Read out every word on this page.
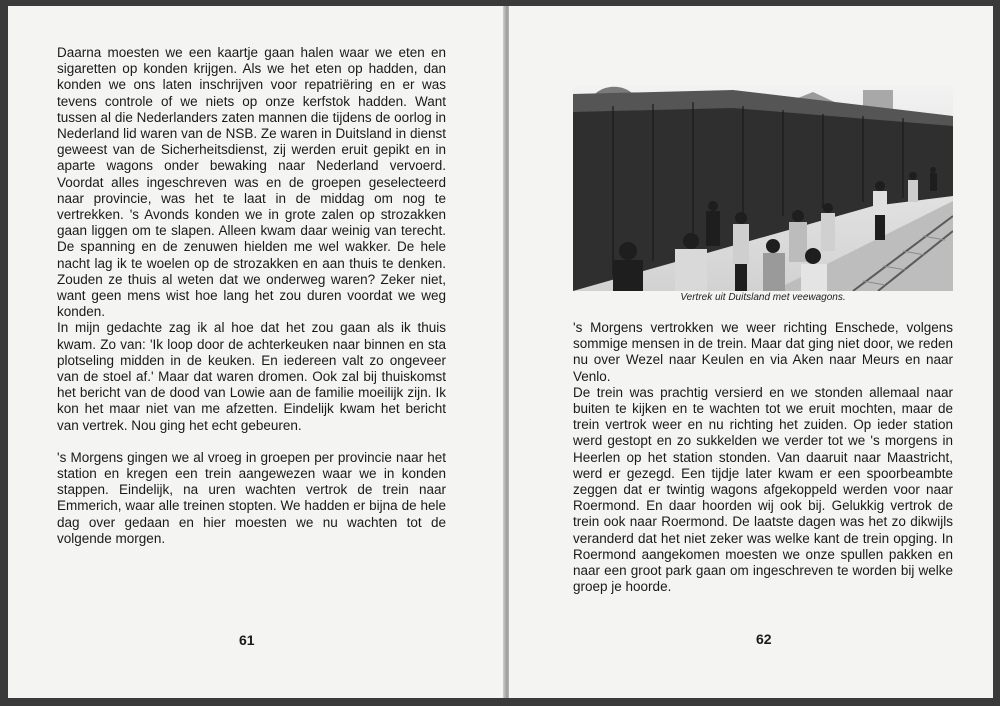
Daarna moesten we een kaartje gaan halen waar we eten en sigaretten op konden krijgen. Als we het eten op hadden, dan konden we ons laten inschrijven voor repatriëring en er was tevens controle of we niets op onze kerfstok hadden. Want tussen al die Nederlanders zaten mannen die tijdens de oorlog in Nederland lid waren van de NSB. Ze waren in Duitsland in dienst geweest van de Sicherheitsdienst, zij werden eruit gepikt en in aparte wagons onder bewaking naar Nederland vervoerd. Voordat alles ingeschreven was en de groepen geselecteerd naar provincie, was het te laat in de middag om nog te vertrekken. 's Avonds konden we in grote zalen op strozakken gaan liggen om te slapen. Alleen kwam daar weinig van terecht. De spanning en de zenuwen hielden me wel wakker. De hele nacht lag ik te woelen op de strozakken en aan thuis te denken. Zouden ze thuis al weten dat we onderweg waren? Zeker niet, want geen mens wist hoe lang het zou duren voordat we weg konden.

In mijn gedachte zag ik al hoe dat het zou gaan als ik thuis kwam. Zo van: 'Ik loop door de achterkeuken naar binnen en sta plotseling midden in de keuken. En iedereen valt zo ongeveer van de stoel af.' Maar dat waren dromen. Ook zal bij thuiskomst het bericht van de dood van Lowie aan de familie moeilijk zijn. Ik kon het maar niet van me afzetten. Eindelijk kwam het bericht van vertrek. Nou ging het echt gebeuren.

's Morgens gingen we al vroeg in groepen per provincie naar het station en kregen een trein aangewezen waar we in konden stappen. Eindelijk, na uren wachten vertrok de trein naar Emmerich, waar alle treinen stopten. We hadden er bijna de hele dag over gedaan en hier moesten we nu wachten tot de volgende morgen.

61
Vertrek uit Duitsland met veewagons.

's Morgens vertrokken we weer richting Enschede, volgens sommige mensen in de trein. Maar dat ging niet door, we reden nu over Wezel naar Keulen en via Aken naar Meurs en naar Venlo.

De trein was prachtig versierd en we stonden allemaal naar buiten te kijken en te wachten tot we eruit mochten, maar de trein vertrok weer en nu richting het zuiden. Op ieder station werd gestopt en zo sukkelden we verder tot we 's morgens in Heerlen op het station stonden. Van daaruit naar Maastricht, werd er gezegd. Een tijdje later kwam er een spoorbeambte zeggen dat er twintig wagons afgekoppeld werden voor naar Roermond. En daar hoorden wij ook bij. Gelukkig vertrok de trein ook naar Roermond. De laatste dagen was het zo dikwijls veranderd dat het niet zeker was welke kant de trein opging. In Roermond aangekomen moesten we onze spullen pakken en naar een groot park gaan om ingeschreven te worden bij welke groep je hoorde.

62
